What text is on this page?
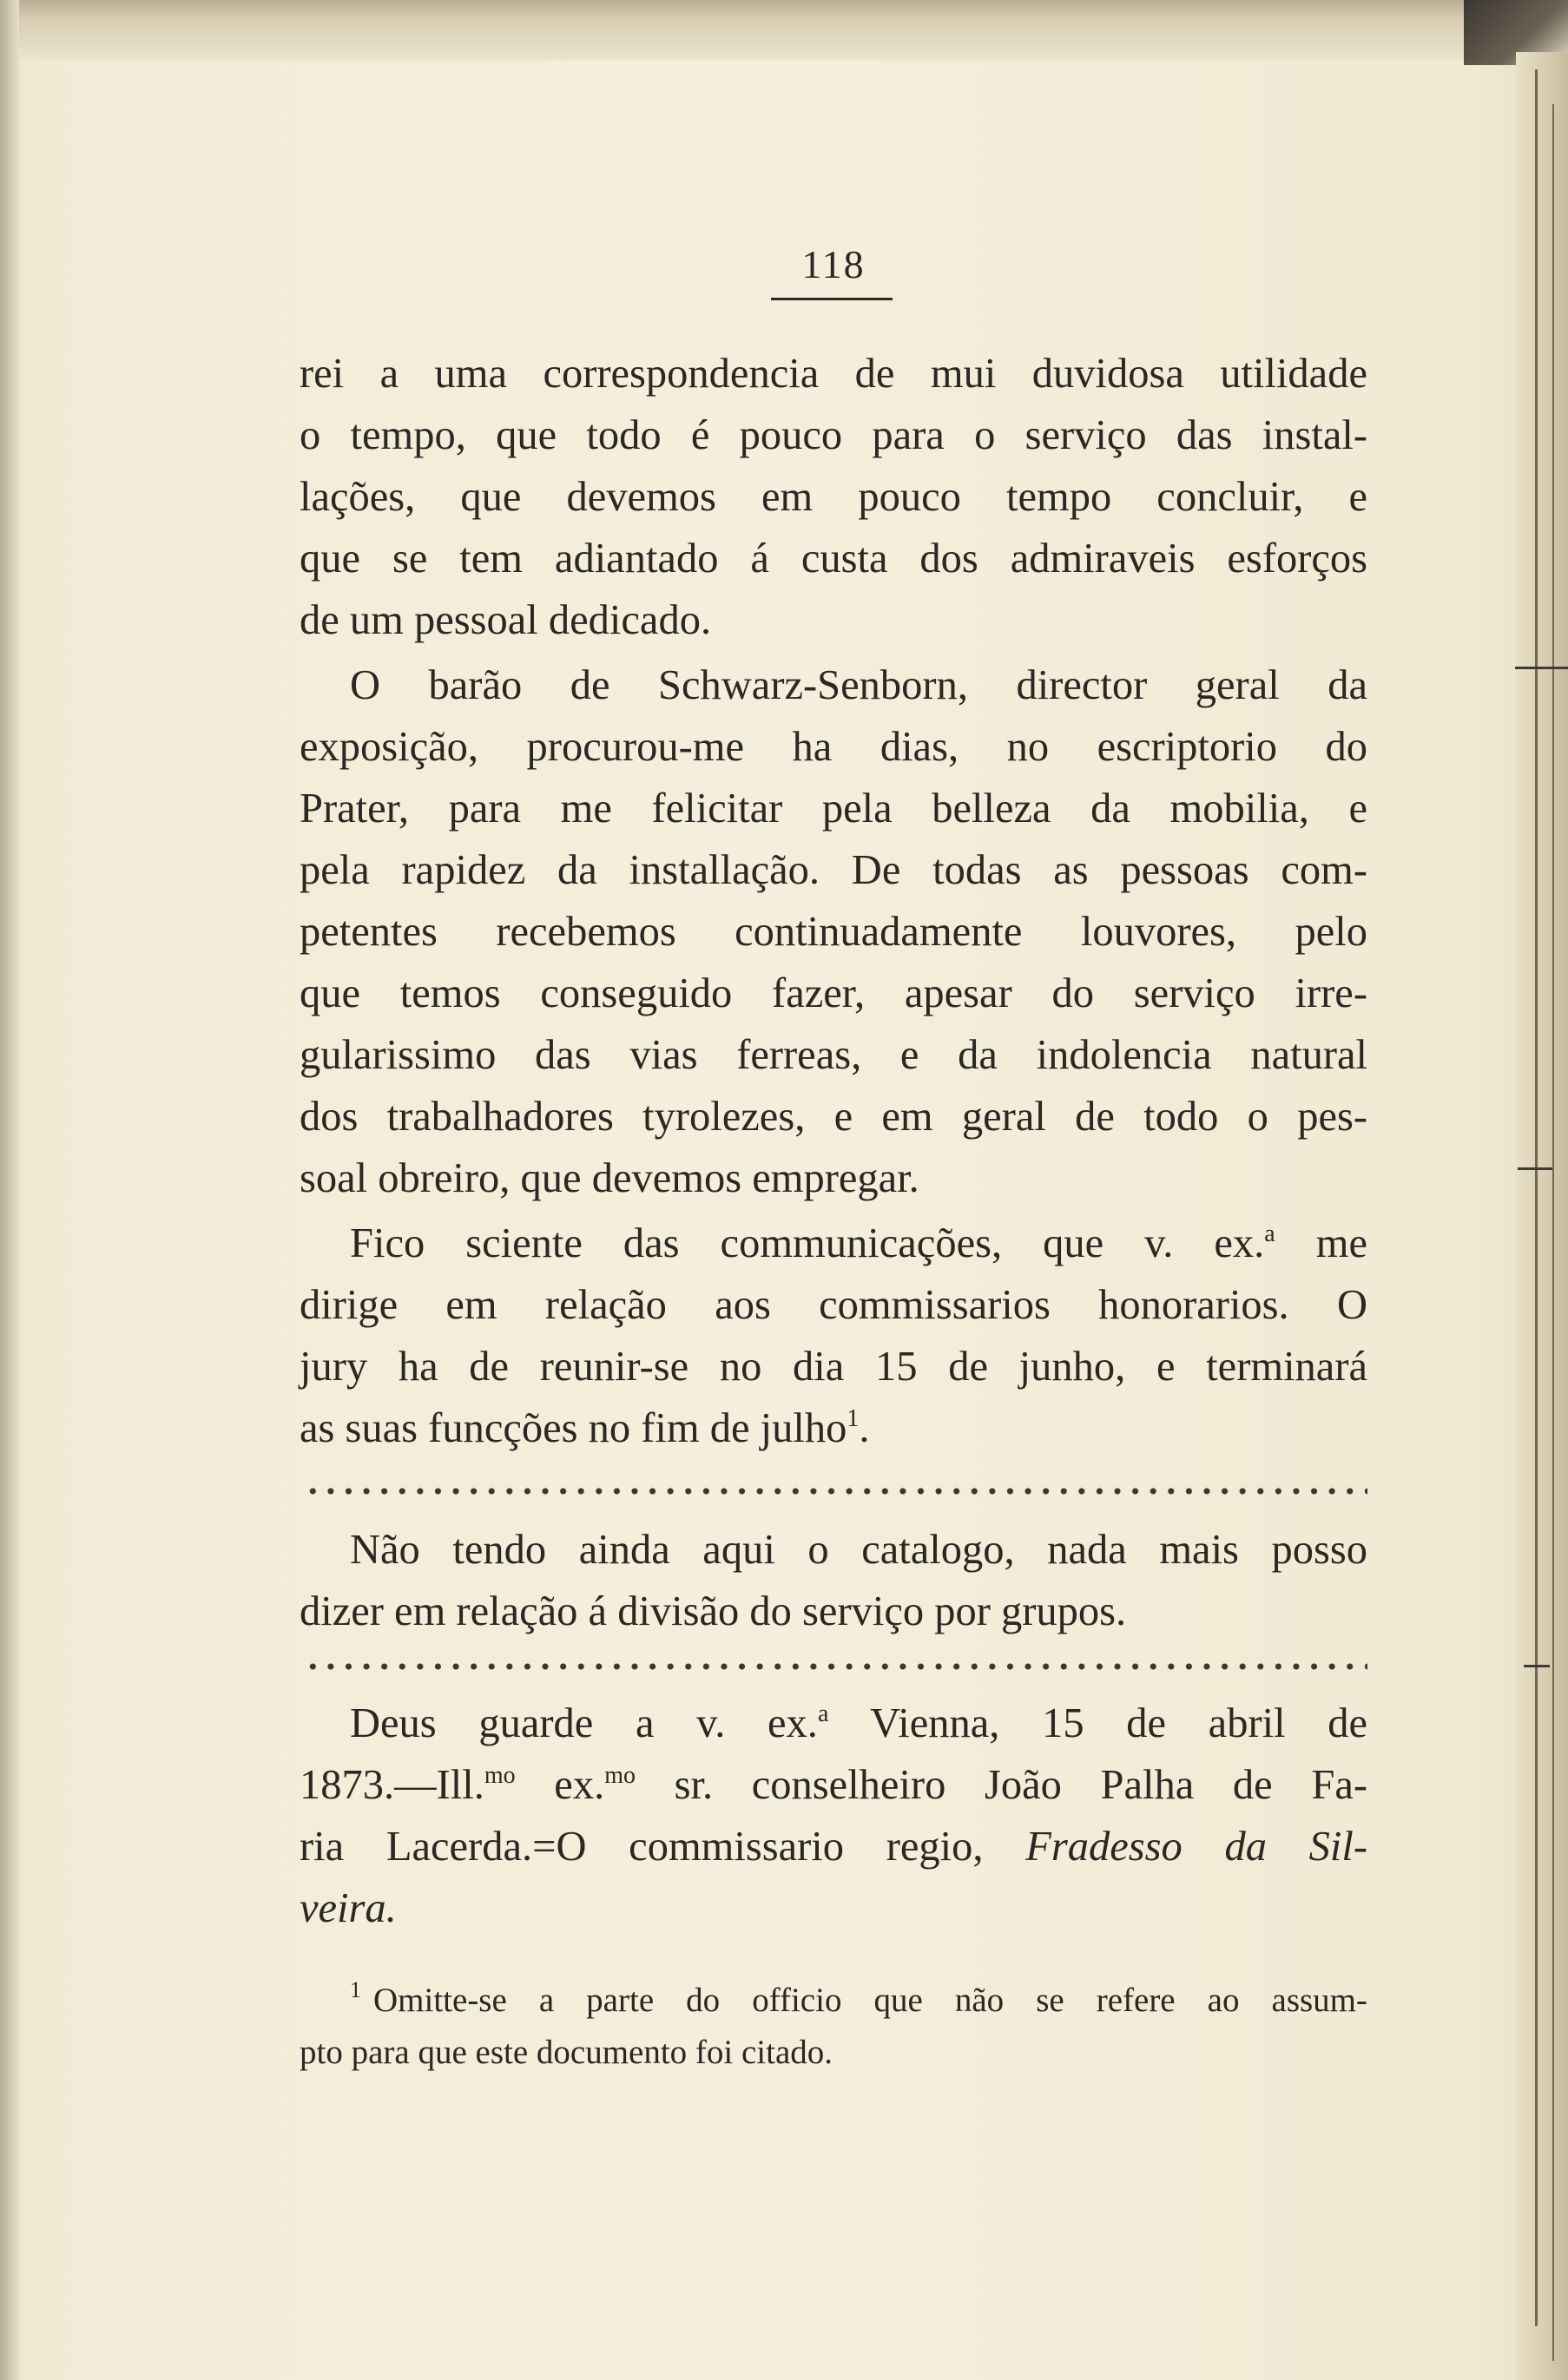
118
rei a uma correspondencia de mui duvidosa utilidade
o tempo, que todo é pouco para o serviço das instal-
lações, que devemos em pouco tempo concluir, e
que se tem adiantado á custa dos admiraveis esforços
de um pessoal dedicado.
O barão de Schwarz-Senborn, director geral da
exposição, procurou-me ha dias, no escriptorio do
Prater, para me felicitar pela belleza da mobilia, e
pela rapidez da installação. De todas as pessoas com-
petentes recebemos continuadamente louvores, pelo
que temos conseguido fazer, apesar do serviço irre-
gularissimo das vias ferreas, e da indolencia natural
dos trabalhadores tyrolezes, e em geral de todo o pes-
soal obreiro, que devemos empregar.
Fico sciente das communicações, que v. ex.$^a$ me
dirige em relação aos commissarios honorarios. O
jury ha de reunir-se no dia 15 de junho, e terminará
as suas funcções no fim de julho$^1$.
Não tendo ainda aqui o catalogo, nada mais posso
dizer em relação á divisão do serviço por grupos.
Deus guarde a v. ex.$^a$ Vienna, 15 de abril de
1873.—Ill.$^{mo}$ ex.$^{mo}$ sr. conselheiro João Palha de Fa-
ria Lacerda.=O commissario regio, Fradesso da Sil-
veira.
$^1$ Omitte-se a parte do officio que não se refere ao assum-
pto para que este documento foi citado.
